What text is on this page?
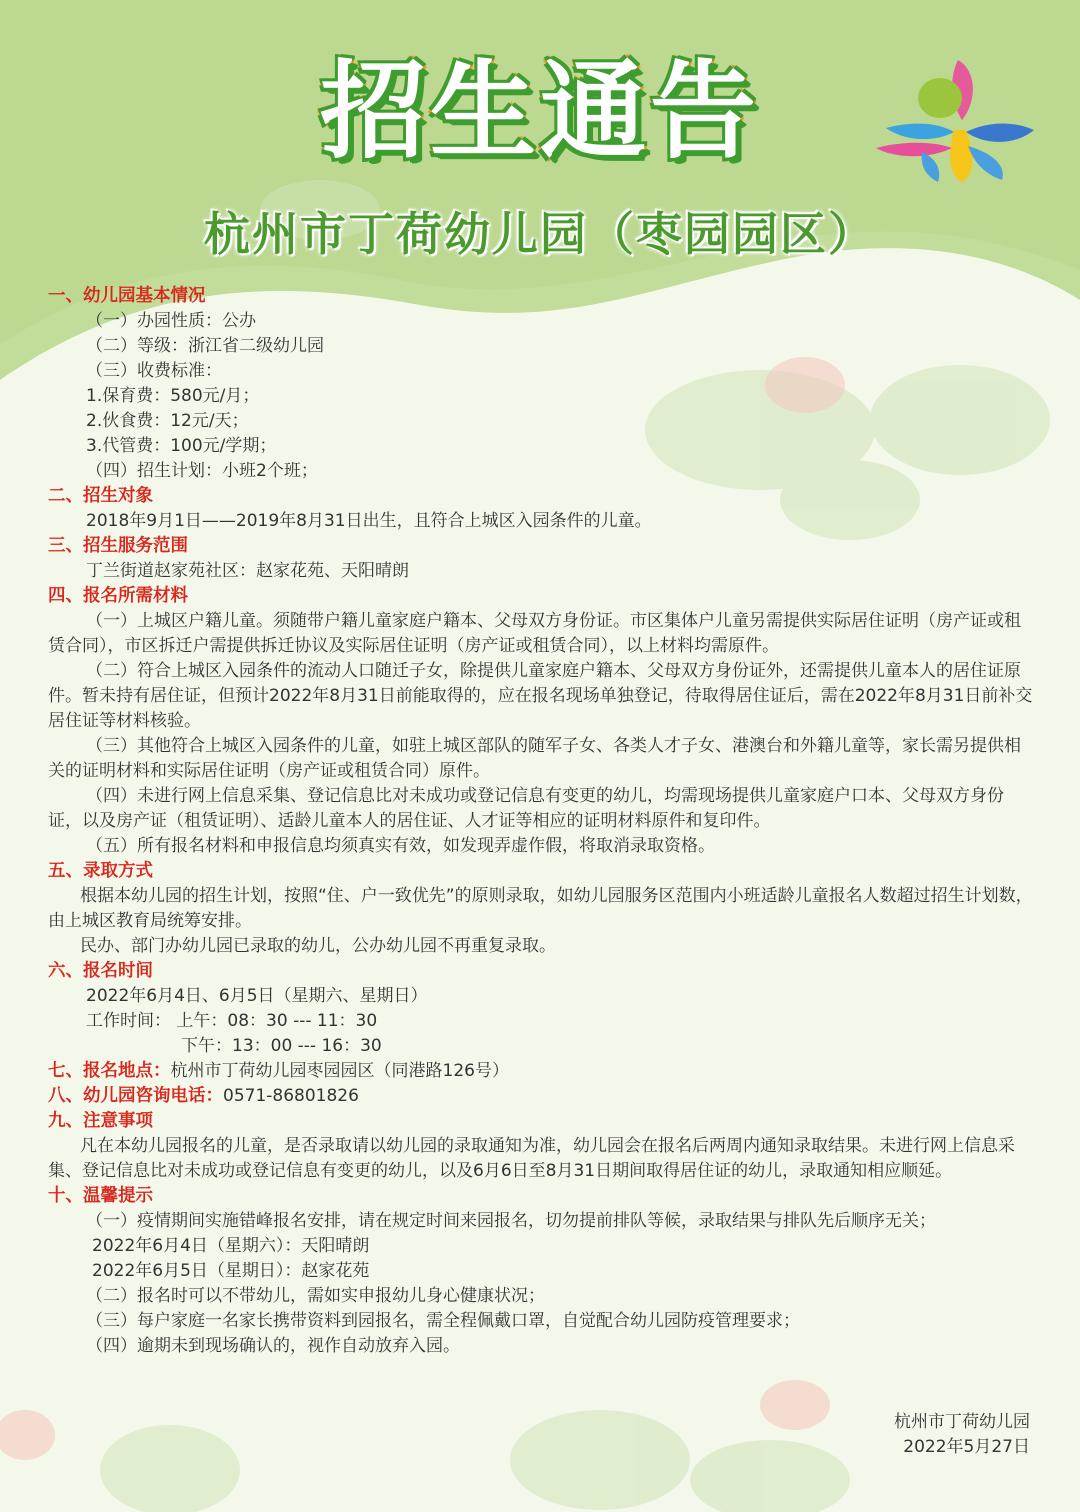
招生通告
杭州市丁荷幼儿园（枣园园区）

一、幼儿园基本情况

（一）办园性质：公办

（二）等级：浙江省二级幼儿园

（三）收费标准：

1.保育费：580元/月；

2.伙食费：12元/天；

3.代管费：100元/学期；

（四）招生计划：小班2个班；

二、招生对象

2018年9月1日——2019年8月31日出生，且符合上城区入园条件的儿童。

三、招生服务范围

丁兰街道赵家苑社区：赵家花苑、天阳晴朗

四、报名所需材料

（一）上城区户籍儿童。须随带户籍儿童家庭户籍本、父母双方身份证。市区集体户儿童另需提供实际居住证明（房产证或租赁合同），市区拆迁户需提供拆迁协议及实际居住证明（房产证或租赁合同），以上材料均需原件。

（二）符合上城区入园条件的流动人口随迁子女，除提供儿童家庭户籍本、父母双方身份证外，还需提供儿童本人的居住证原件。暂未持有居住证，但预计2022年8月31日前能取得的，应在报名现场单独登记，待取得居住证后，需在2022年8月31日前补交居住证等材料核验。

（三）其他符合上城区入园条件的儿童，如驻上城区部队的随军子女、各类人才子女、港澳台和外籍儿童等，家长需另提供相关的证明材料和实际居住证明（房产证或租赁合同）原件。

（四）未进行网上信息采集、登记信息比对未成功或登记信息有变更的幼儿，均需现场提供儿童家庭户口本、父母双方身份证，以及房产证（租赁证明）、适龄儿童本人的居住证、人才证等相应的证明材料原件和复印件。

（五）所有报名材料和申报信息均须真实有效，如发现弄虚作假，将取消录取资格。

五、录取方式

根据本幼儿园的招生计划，按照“住、户一致优先”的原则录取，如幼儿园服务区范围内小班适龄儿童报名人数超过招生计划数，由上城区教育局统筹安排。

民办、部门办幼儿园已录取的幼儿，公办幼儿园不再重复录取。

六、报名时间

2022年6月4日、6月5日（星期六、星期日）

工作时间： 上午：08：30 --- 11：30

下午：13：00 --- 16：30

七、报名地点：杭州市丁荷幼儿园枣园园区（同港路126号）

八、幼儿园咨询电话：0571-86801826

九、注意事项

凡在本幼儿园报名的儿童，是否录取请以幼儿园的录取通知为准，幼儿园会在报名后两周内通知录取结果。未进行网上信息采集、登记信息比对未成功或登记信息有变更的幼儿，以及6月6日至8月31日期间取得居住证的幼儿，录取通知相应顺延。

十、温馨提示

（一）疫情期间实施错峰报名安排，请在规定时间来园报名，切勿提前排队等候，录取结果与排队先后顺序无关；

2022年6月4日（星期六）：天阳晴朗

2022年6月5日（星期日）：赵家花苑

（二）报名时可以不带幼儿，需如实申报幼儿身心健康状况；

（三）每户家庭一名家长携带资料到园报名，需全程佩戴口罩，自觉配合幼儿园防疫管理要求；

（四）逾期未到现场确认的，视作自动放弃入园。

杭州市丁荷幼儿园
2022年5月27日
